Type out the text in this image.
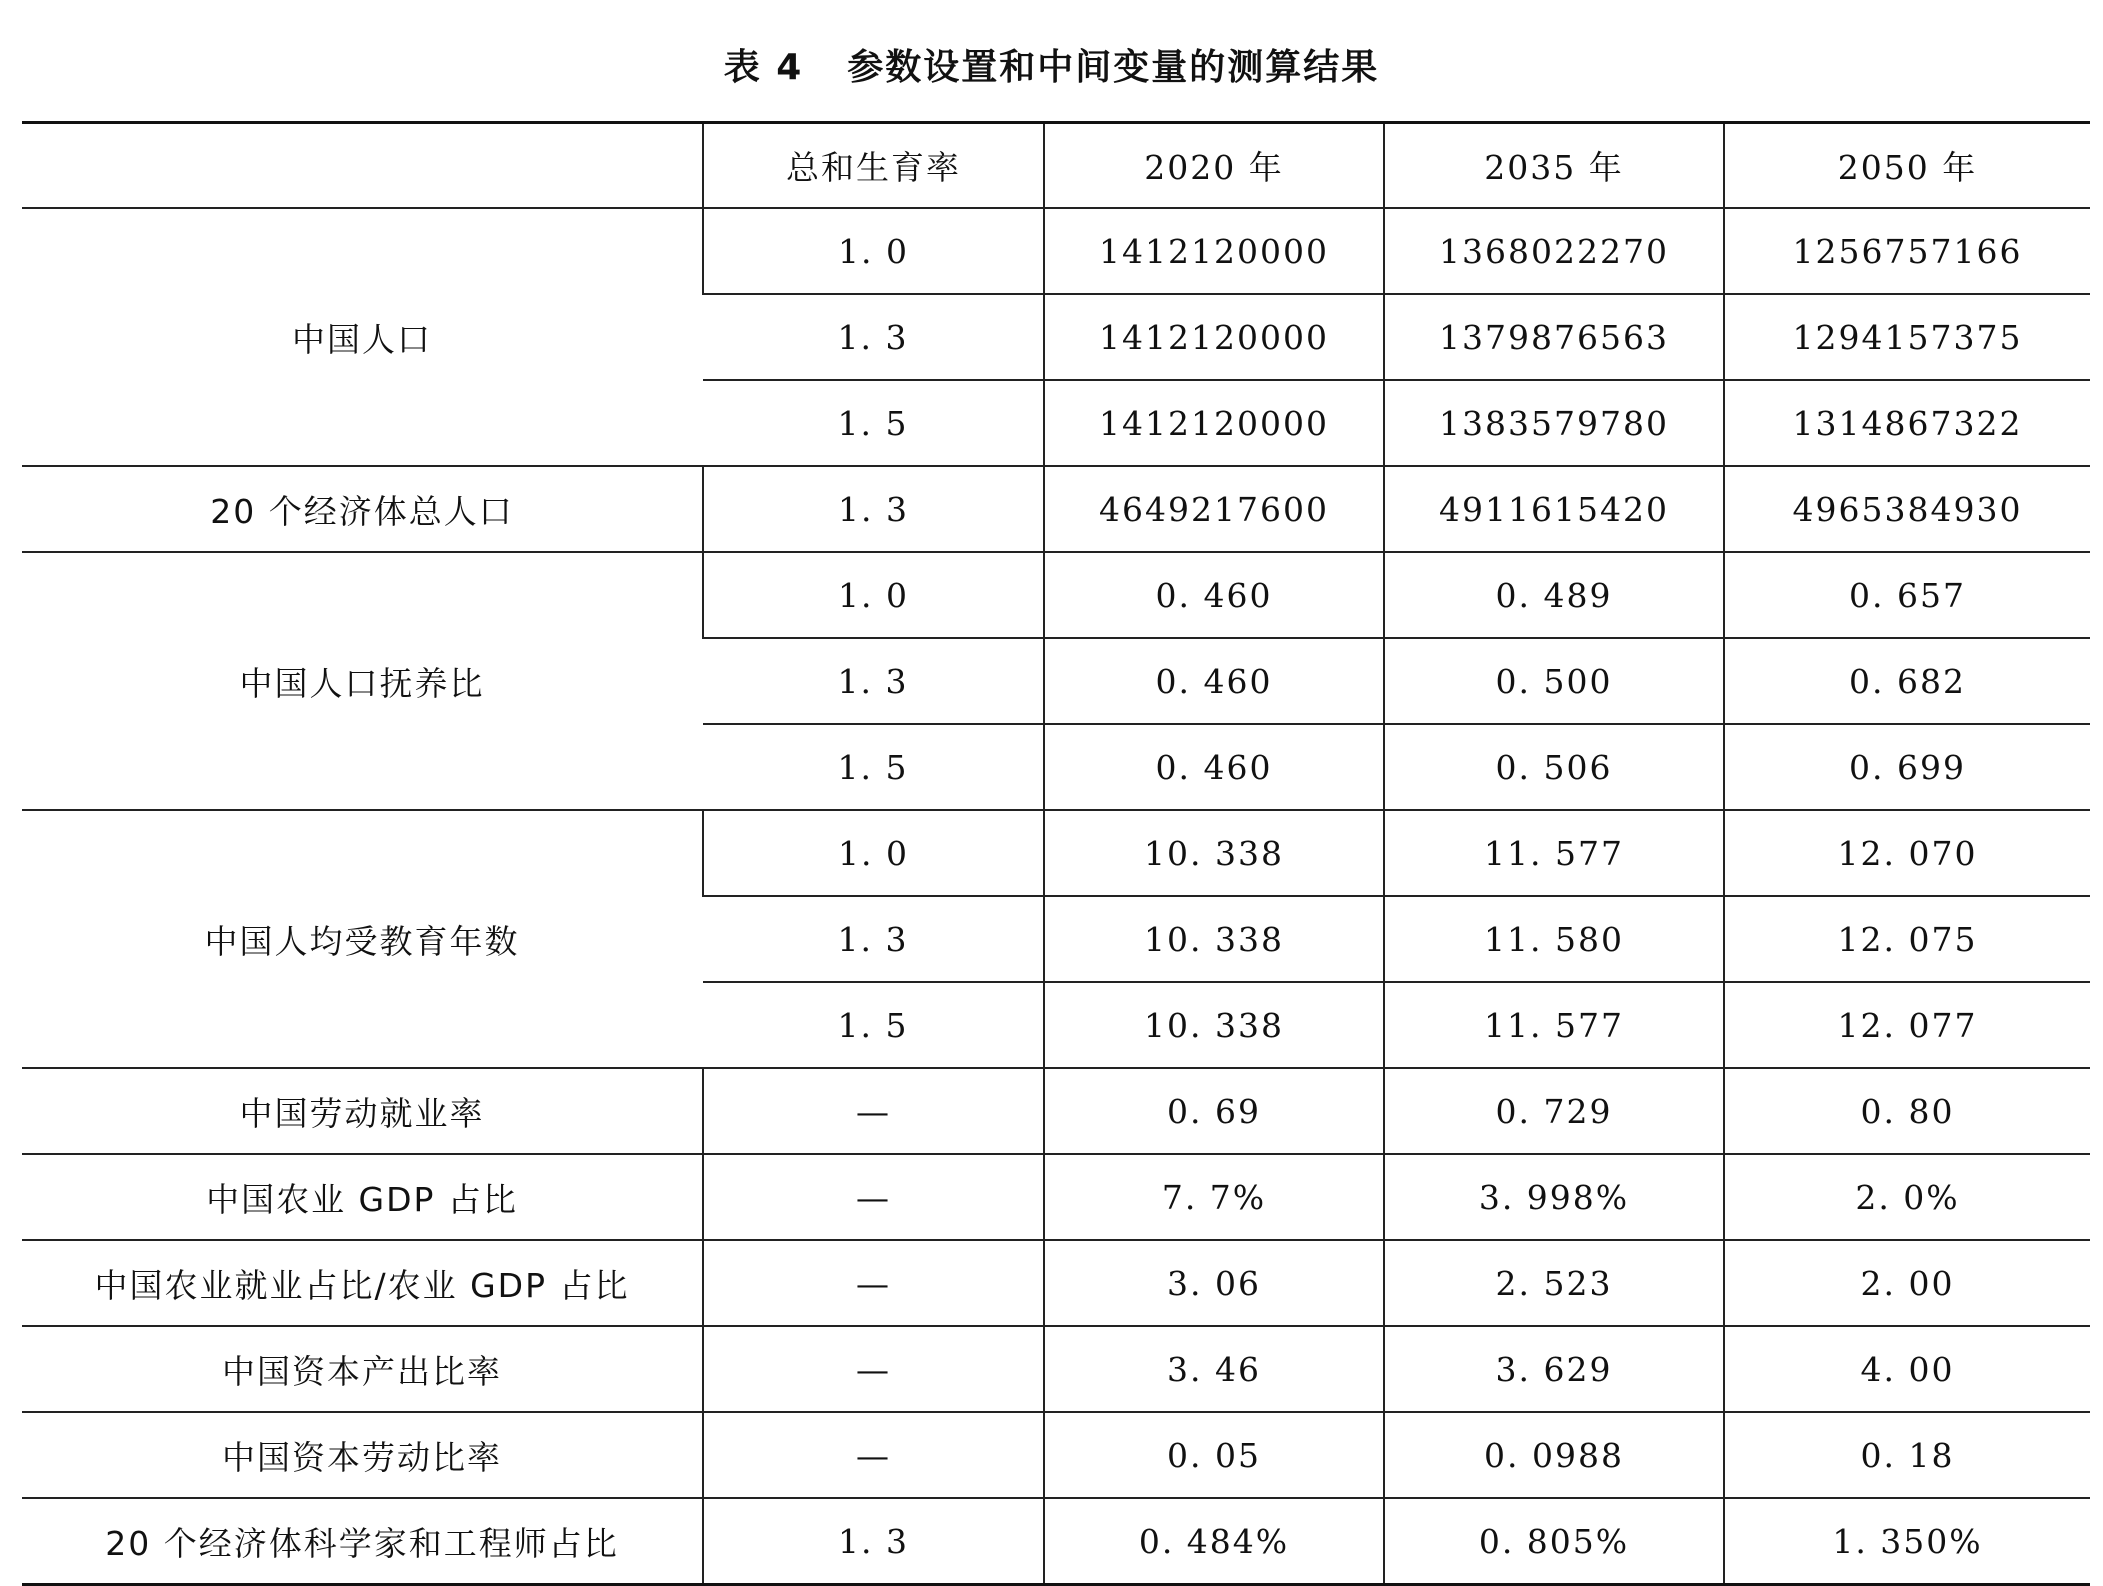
表 4 参数设置和中间变量的测算结果
	总和生育率	2020 年	2035 年	2050 年
中国人口	1. 0	1412120000	1368022270	1256757166
	1. 3	1412120000	1379876563	1294157375
	1. 5	1412120000	1383579780	1314867322
20 个经济体总人口	1. 3	4649217600	4911615420	4965384930
中国人口抚养比	1. 0	0. 460	0. 489	0. 657
	1. 3	0. 460	0. 500	0. 682
	1. 5	0. 460	0. 506	0. 699
中国人均受教育年数	1. 0	10. 338	11. 577	12. 070
	1. 3	10. 338	11. 580	12. 075
	1. 5	10. 338	11. 577	12. 077
中国劳动就业率	—	0. 69	0. 729	0. 80
中国农业 GDP 占比	—	7. 7%	3. 998%	2. 0%
中国农业就业占比/农业 GDP 占比	—	3. 06	2. 523	2. 00
中国资本产出比率	—	3. 46	3. 629	4. 00
中国资本劳动比率	—	0. 05	0. 0988	0. 18
20 个经济体科学家和工程师占比	1. 3	0. 484%	0. 805%	1. 350%
